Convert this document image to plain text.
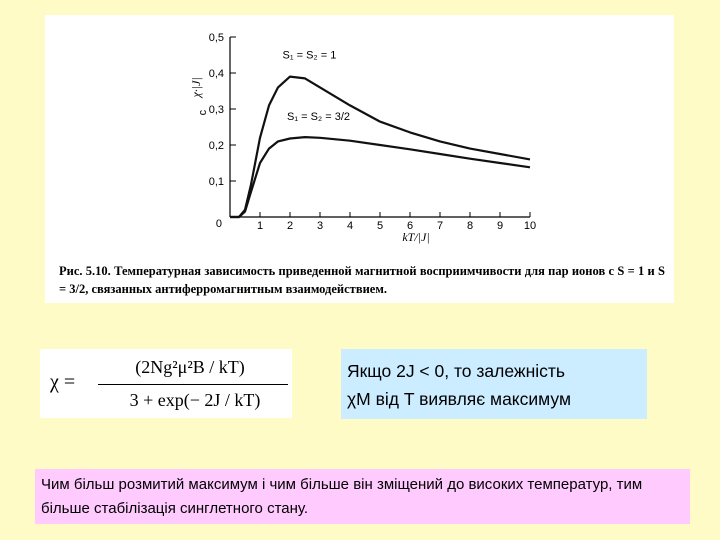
0,1
0,2
0,3
0,4
0,5
0	1 2 3 4 5 6 7 8 9 10
kT/|J|
χ·|J|
c
S₁ = S₂ = 1
S₁ = S₂ = 3/2
Рис. 5.10. Температурная зависимость приведенной магнитной восприимчивости для пар ионов с S = 1 и S = 3/2, связанных антиферромагнитным взаимодействием.
χ =
(2Ng²μ²B / kT)
3 + exp(− 2J / kT)
Якщо 2J < 0, то залежність
χM від T виявляє максимум
Чим більш розмитий максимум і чим більше він зміщений до високих температур, тим більше стабілізація синглетного стану.
